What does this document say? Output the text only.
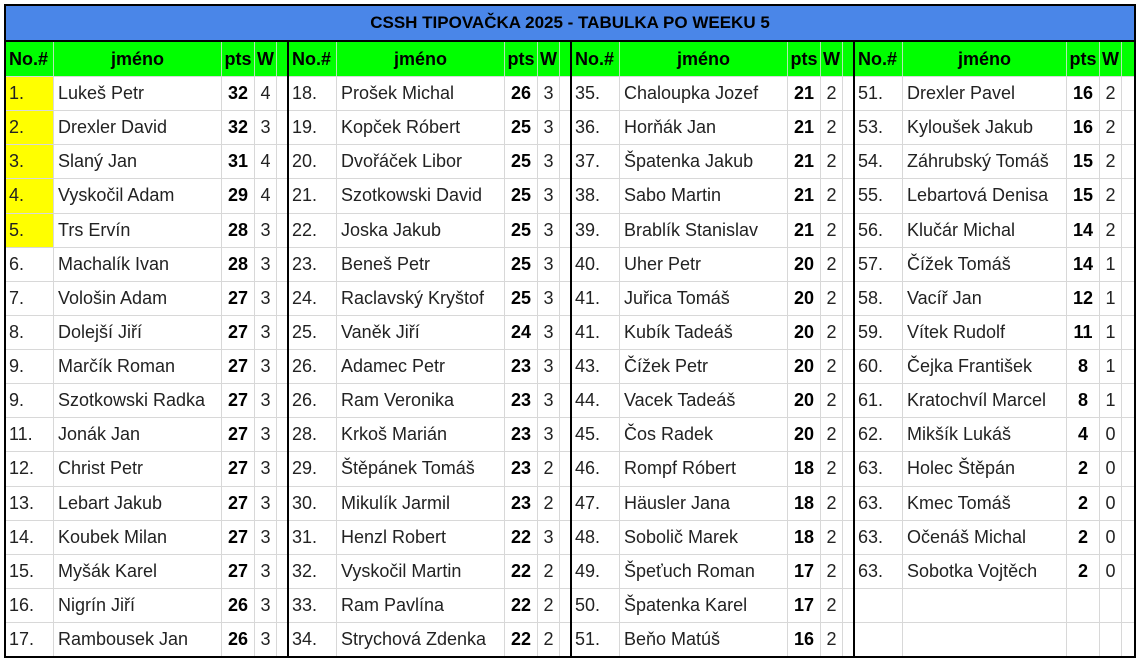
CSSH TIPOVAČKA 2025 - TABULKA PO WEEKU 5
No.#	jméno	pts W
1.	Lukeš Petr	32 4
2.	Drexler David	32 3
3.	Slaný Jan	31 4
4.	Vyskočil Adam	29 4
5.	Trs Ervín	28 3
6.	Machalík Ivan	28 3
7.	Vološin Adam	27 3
8.	Dolejší Jiří	27 3
9.	Marčík Roman	27 3
9.	Szotkowski Radka	27 3
11.	Jonák Jan	27 3
12.	Christ Petr	27 3
13.	Lebart Jakub	27 3
14.	Koubek Milan	27 3
15.	Myšák Karel	27 3
16.	Nigrín Jiří	26 3
17.	Rambousek Jan	26 3
No.#	jméno	pts W
18.	Prošek Michal	26 3
19.	Kopček Róbert	25 3
20.	Dvořáček Libor	25 3
21.	Szotkowski David	25 3
22.	Joska Jakub	25 3
23.	Beneš Petr	25 3
24.	Raclavský Kryštof	25 3
25.	Vaněk Jiří	24 3
26.	Adamec Petr	23 3
26.	Ram Veronika	23 3
28.	Krkoš Marián	23 3
29.	Štěpánek Tomáš	23 2
30.	Mikulík Jarmil	23 2
31.	Henzl Robert	22 3
32.	Vyskočil Martin	22 2
33.	Ram Pavlína	22 2
34.	Strychová Zdenka	22 2
No.#	jméno	pts W
35.	Chaloupka Jozef	21 2
36.	Horňák Jan	21 2
37.	Špatenka Jakub	21 2
38.	Sabo Martin	21 2
39.	Brablík Stanislav	21 2
40.	Uher Petr	20 2
41.	Juřica Tomáš	20 2
41.	Kubík Tadeáš	20 2
43.	Čížek Petr	20 2
44.	Vacek Tadeáš	20 2
45.	Čos Radek	20 2
46.	Rompf Róbert	18 2
47.	Häusler Jana	18 2
48.	Sobolič Marek	18 2
49.	Špeťuch Roman	17 2
50.	Špatenka Karel	17 2
51.	Beňo Matúš	16 2
No.#	jméno	pts W
51.	Drexler Pavel	16 2
53.	Kyloušek Jakub	16 2
54.	Záhrubský Tomáš	15 2
55.	Lebartová Denisa	15 2
56.	Klučár Michal	14 2
57.	Čížek Tomáš	14 1
58.	Vacíř Jan	12 1
59.	Vítek Rudolf	11 1
60.	Čejka František	8 1
61.	Kratochvíl Marcel	8 1
62.	Mikšík Lukáš	4 0
63.	Holec Štěpán	2 0
63.	Kmec Tomáš	2 0
63.	Očenáš Michal	2 0
63.	Sobotka Vojtěch	2 0
